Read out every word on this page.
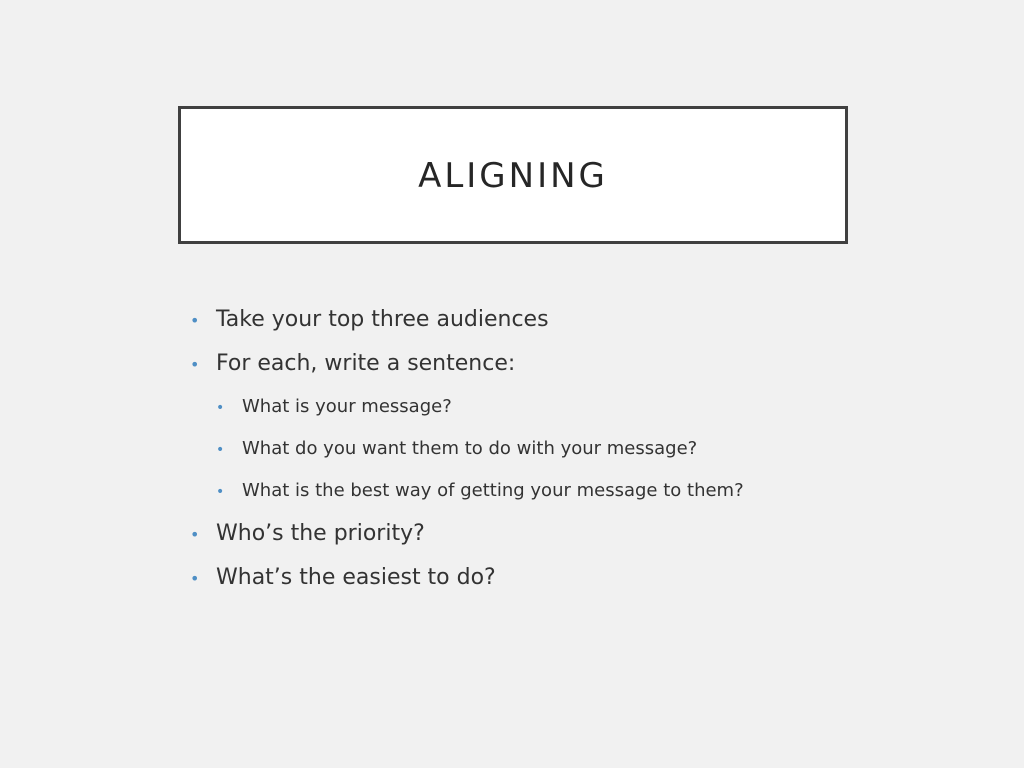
ALIGNING
• Take your top three audiences
• For each, write a sentence:
• What is your message?
• What do you want them to do with your message?
• What is the best way of getting your message to them?
• Who’s the priority?
• What’s the easiest to do?
